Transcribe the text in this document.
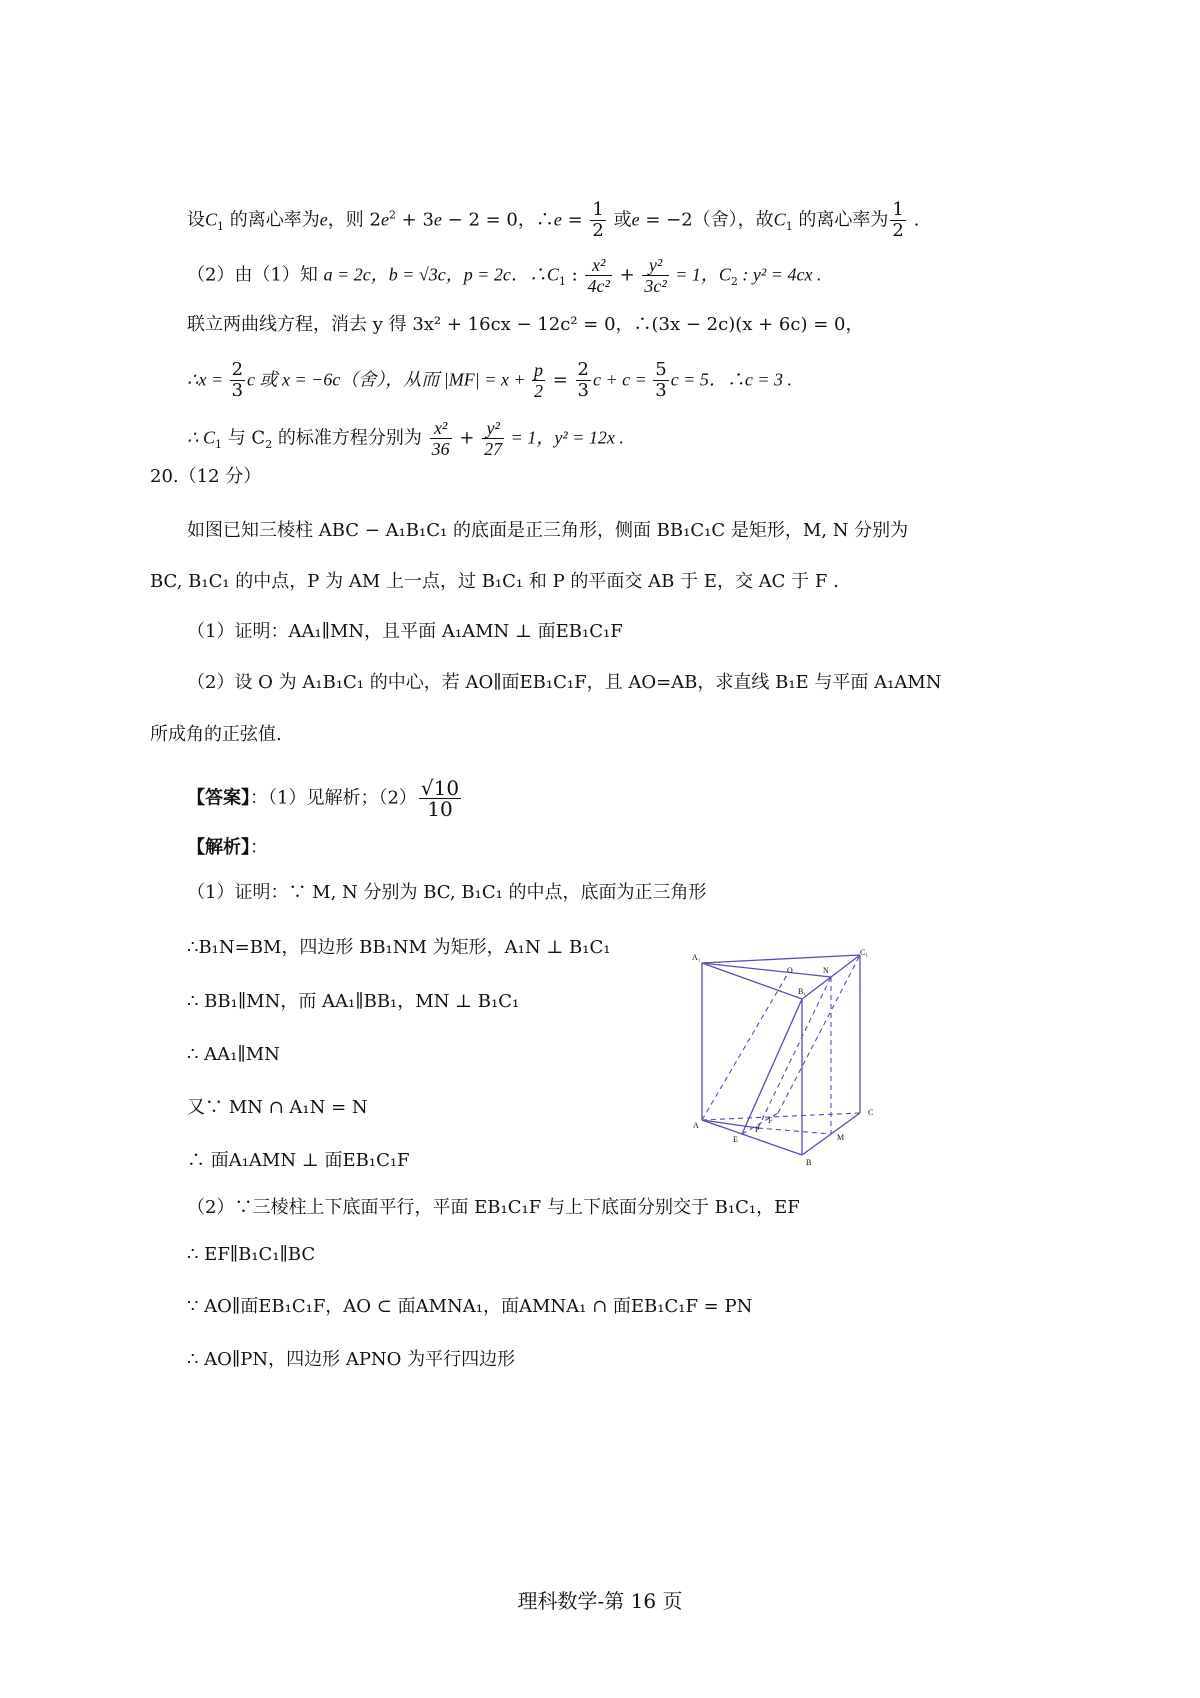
设$C_1$ 的离心率为e，则 $2e^2 + 3e - 2 = 0$，∴e = $\frac{1}{2}$ 或e = −2（舍），故$C_1$ 的离心率为 $\frac{1}{2}$ .
（2）由（1）知 a = 2c，b = √3c，p = 2c．$\therefore C_1$ : $\frac{\text{x²}}{\text{4c²}} + \frac{\text{y²}}{\text{3c²}} = 1$，$C_2$ : y² = 4cx .
联立两曲线方程，消去 y 得 3x² + 16cx − 12c² = 0，∴(3x − 2c)(x + 6c) = 0，
∴x = $\frac{2}{3}$ c 或 x = −6c（舍），从而 $|MF| = x + \frac{p}{2} = \frac{2}{3}$ $c + c = \frac{5}{3}$ c = 5．∴c = 3 .
∴ $C_1$ 与 $C_2$ 的标准方程分别为 $\frac{\text{x²}}{36} + \frac{\text{y²}}{27} = 1$，y² = 12x .
20.（12 分）
如图已知三棱柱 ABC − A₁B₁C₁ 的底面是正三角形，侧面 BB₁C₁C 是矩形，M, N 分别为
BC, B₁C₁ 的中点，P 为 AM 上一点，过 B₁C₁ 和 P 的平面交 AB 于 E，交 AC 于 F .
（1）证明：AA₁∥MN，且平面 A₁AMN ⊥ 面EB₁C₁F
（2）设 O 为 A₁B₁C₁ 的中心，若 AO∥面EB₁C₁F，且 AO=AB，求直线 B₁E 与平面 A₁AMN
所成角的正弦值.
【答案】：（1）见解析；$(2) \frac{√10}{10}$
【解析】：
（1）证明：∵ M, N 分别为 BC, B₁C₁ 的中点，底面为正三角形
∴B₁N=BM，四边形 BB₁NM 为矩形，A₁N ⊥ B₁C₁
∴ BB₁∥MN，而 AA₁∥BB₁，MN ⊥ B₁C₁
∴ AA₁∥MN
又∵ MN ∩ A₁N = N
∴ 面A₁AMN ⊥ 面EB₁C₁F
（2）∵三棱柱上下底面平行，平面 EB₁C₁F 与上下底面分别交于 B₁C₁，EF
∴ EF∥B₁C₁∥BC
∵ AO∥面EB₁C₁F，AO ⊂ 面AMNA₁，面AMNA₁ ∩ 面EB₁C₁F = PN
∴ AO∥PN，四边形 APNO 为平行四边形
A₁
O	N
C₁
B₁
A
F
P
E	M
C
B
理科数学-第 16 页
